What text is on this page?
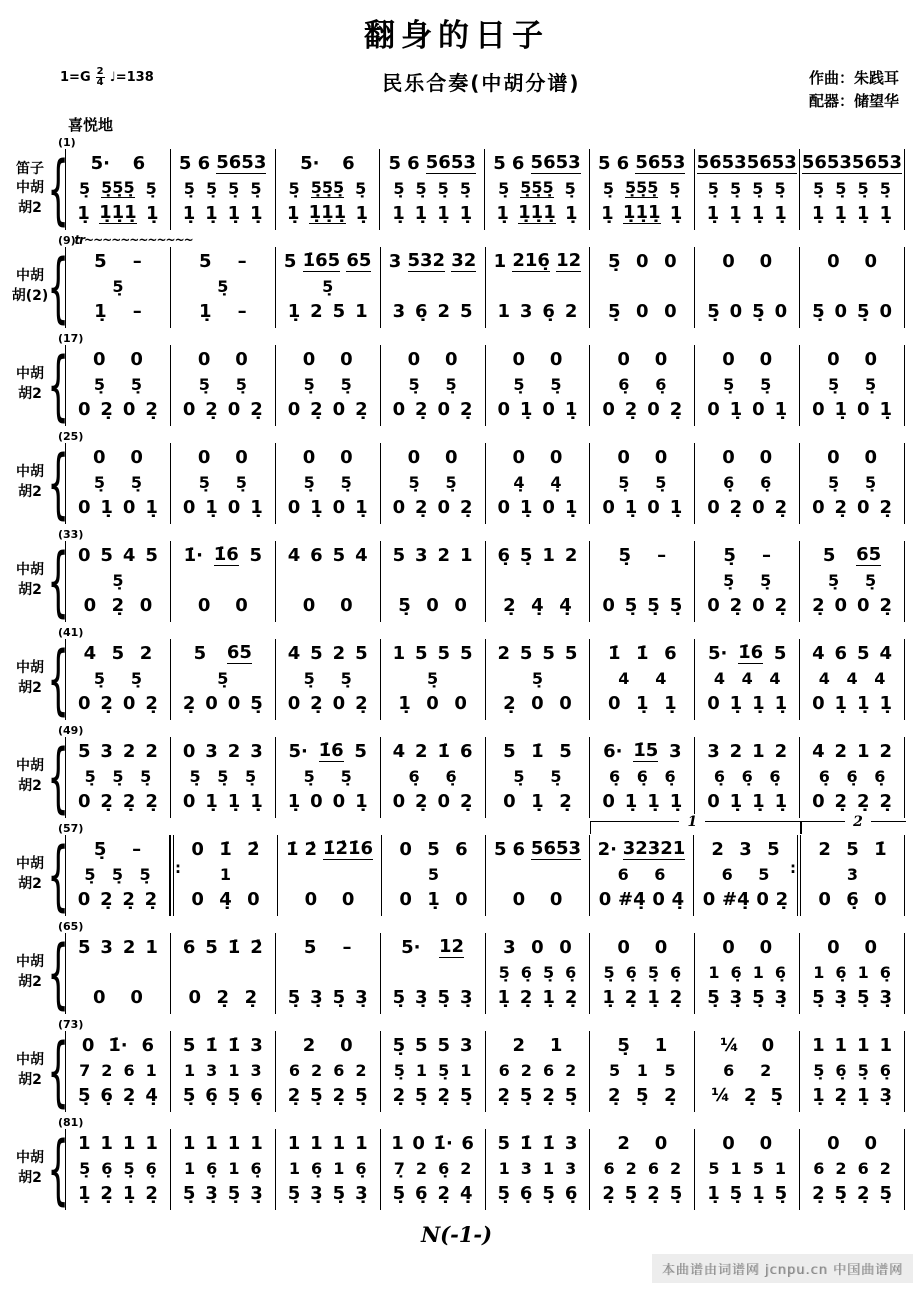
翻身的日子
$1=G \frac{2}{4}$ ♩=138	民乐合奏(中胡分谱)	作曲：朱践耳
配器：储望华
喜悦地
(1)
笛子
中胡
胡2 { 5· 6
5̣ 5̣5̣5̣ 5̣
1̣ 1̣1̣1̣ 1̣
5 6 5653
5̣ 5̣ 5̣ 5̣
1̣ 1̣ 1̣ 1̣
5· 6
5̣ 5̣5̣5̣ 5̣
1̣ 1̣1̣1̣ 1̣
5 6 5653
5̣ 5̣ 5̣ 5̣
1̣ 1̣ 1̣ 1̣
5 6 5653
5̣ 5̣5̣5̣ 5̣
1̣ 1̣1̣1̣ 1̣
5 6 5653
5̣ 5̣5̣5̣ 5̣
1̣ 1̣1̣1̣ 1̣
5653 5653
5̣ 5̣ 5̣ 5̣
1̣ 1̣ 1̣ 1̣
5653 5653
5̣ 5̣ 5̣ 5̣
1̣ 1̣ 1̣ 1̣
(9)
中胡
胡(2) {
tr~~~~~~~~~~~~
5 –
5̣
1̣ –
5 –
5̣
1̣ –
5 1̇65 65
5̣
1̣ 2 5 1
3 532 32
3 6̣ 2 5
1 216̣ 12
1 3 6̣ 2
5̣ 0 0
5̣ 0 0
0 0
5̣ 0 5̣ 0
0 0
5̣ 0 5̣ 0
(17)
中胡
胡2 { 0 0
5̣ 5̣
0 2̣ 0 2̣
0 0
5̣ 5̣
0 2̣ 0 2̣
0 0
5̣ 5̣
0 2̣ 0 2̣
0 0
5̣ 5̣
0 2̣ 0 2̣
0 0
5̣ 5̣
0 1̣ 0 1̣
0 0
6̣ 6̣
0 2̣ 0 2̣
0 0
5̣ 5̣
0 1̣ 0 1̣
0 0
5̣ 5̣
0 1̣ 0 1̣
(25)
中胡
胡2 { 0 0
5̣ 5̣
0 1̣ 0 1̣
0 0
5̣ 5̣
0 1̣ 0 1̣
0 0
5̣ 5̣
0 1̣ 0 1̣
0 0
5̣ 5̣
0 2̣ 0 2̣
0 0
4̣ 4̣
0 1̣ 0 1̣
0 0
5̣ 5̣
0 1̣ 0 1̣
0 0
6̣ 6̣
0 2̣ 0 2̣
0 0
5̣ 5̣
0 2̣ 0 2̣
(33)
中胡
胡2 { 0 5 4 5
5̣
0 2̣ 0
1̇· 1̇6 5
0 0
4 6 5 4
0 0
5 3 2 1
5̣ 0 0
6̣ 5̣ 1 2
2̣ 4̣ 4̣
5̣ –
0 5̣ 5̣ 5̣
5̣ –
5̣ 5̣
0 2̣ 0 2̣
5 65
5̣ 5̣
2̣ 0 0 2̣
(41)
中胡
胡2 { 4 5 2
5̣ 5̣
0 2̣ 0 2̣
5 65
5̣
2̣ 0 0 5̣
4 5 2 5
5̣ 5̣
0 2̣ 0 2̣
1 5 5 5
5̣
1̣ 0 0
2 5 5 5
5̣
2̣ 0 0
1̇ 1̇ 6
4 4
0 1̣ 1̣
5· 1̇6 5
4 4 4
0 1̣ 1̣ 1̣
4 6 5 4
4 4 4
0 1̣ 1̣ 1̣
(49)
中胡
胡2 { 5 3 2 2
5̣ 5̣ 5̣
0 2̣ 2̣ 2̣
0 3 2 3
5̣ 5̣ 5̣
0 1̣ 1̣ 1̣
5· 1̇6 5
5̣ 5̣
1̣ 0 0 1̣
4 2 1̇ 6
6̣ 6̣
0 2̣ 0 2̣
5 1̇ 5
5̣ 5̣
0 1̣ 2̣
6· 1̇5 3
6̣ 6̣ 6̣
0 1̣ 1̣ 1̣
3 2 1 2
6̣ 6̣ 6̣
0 1̣ 1̣ 1̣
4 2 1 2
6̣ 6̣ 6̣
0 2̣ 2̣ 2̣
(57)
中胡
胡2 { 5̣ –
5̣ 5̣ 5̣
0 2̣ 2̣ 2̣
: 0 1̇ 2̇
1
0 4̣ 0
1̇ 2̇ 1̇2̇1̇6
0 0
0 5 6
5
0 1̣ 0
5 6 5653
0 0
2· 32321
6 6
0 #4̣ 0 4̣
2 3 5
6 5
0 #4̣ 0 2̣
:
2 5 1̇
3
0 6̣ 0
1	2
(65)
中胡
胡2 { 5 3 2 1
0 0
6 5 1̇ 2̇
0 2̣ 2̣
5 –
5̣ 3̣ 5̣ 3̣
5· 12
5̣ 3̣ 5̣ 3̣
3 0 0
5̣ 6̣ 5̣ 6̣
1̣ 2̣ 1̣ 2̣
0 0
5̣ 6̣ 5̣ 6̣
1̣ 2̣ 1̣ 2̣
0 0
1 6̣ 1 6̣
5̣ 3̣ 5̣ 3̣
0 0
1 6̣ 1 6̣
5̣ 3̣ 5̣ 3̣
(73)
中胡
胡2 { 0 1̇· 6
7 2 6 1
5̣ 6̣ 2̣ 4̣
5 1̇ 1̇ 3
1 3 1 3
5̣ 6̣ 5̣ 6̣
2 0
6 2 6 2
2̣ 5̣ 2̣ 5̣
5̣ 5 5 3
5̣ 1 5̣ 1
2̣ 5̣ 2̣ 5̣
2 1
6 2 6 2
2̣ 5̣ 2̣ 5̣
5̣ 1
5 1 5
2̣ 5̣ 2̣
¼ 0
6 2
¼ 2̣ 5̣
1 1 1 1
5̣ 6̣ 5̣ 6̣
1̣ 2̣ 1̣ 3̣
(81)
中胡
胡2 { 1 1 1 1
5̣ 6̣ 5̣ 6̣
1̣ 2̣ 1̣ 2̣
1 1 1 1
1 6̣ 1 6̣
5̣ 3̣ 5̣ 3̣
1 1 1 1
1 6̣ 1 6̣
5̣ 3̣ 5̣ 3̣
1 0 1̇· 6
7̣ 2 6̣ 2
5̣ 6̣ 2̣ 4̣
5 1̇ 1̇ 3
1 3 1 3
5̣ 6̣ 5̣ 6̣
2 0
6 2 6 2
2̣ 5̣ 2̣ 5̣
0 0
5 1 5 1
1̣ 5̣ 1̣ 5̣
0 0
6 2 6 2
2̣ 5̣ 2̣ 5̣
N(-1-)
本曲谱由词谱网 jcnpu.cn 中国曲谱网
